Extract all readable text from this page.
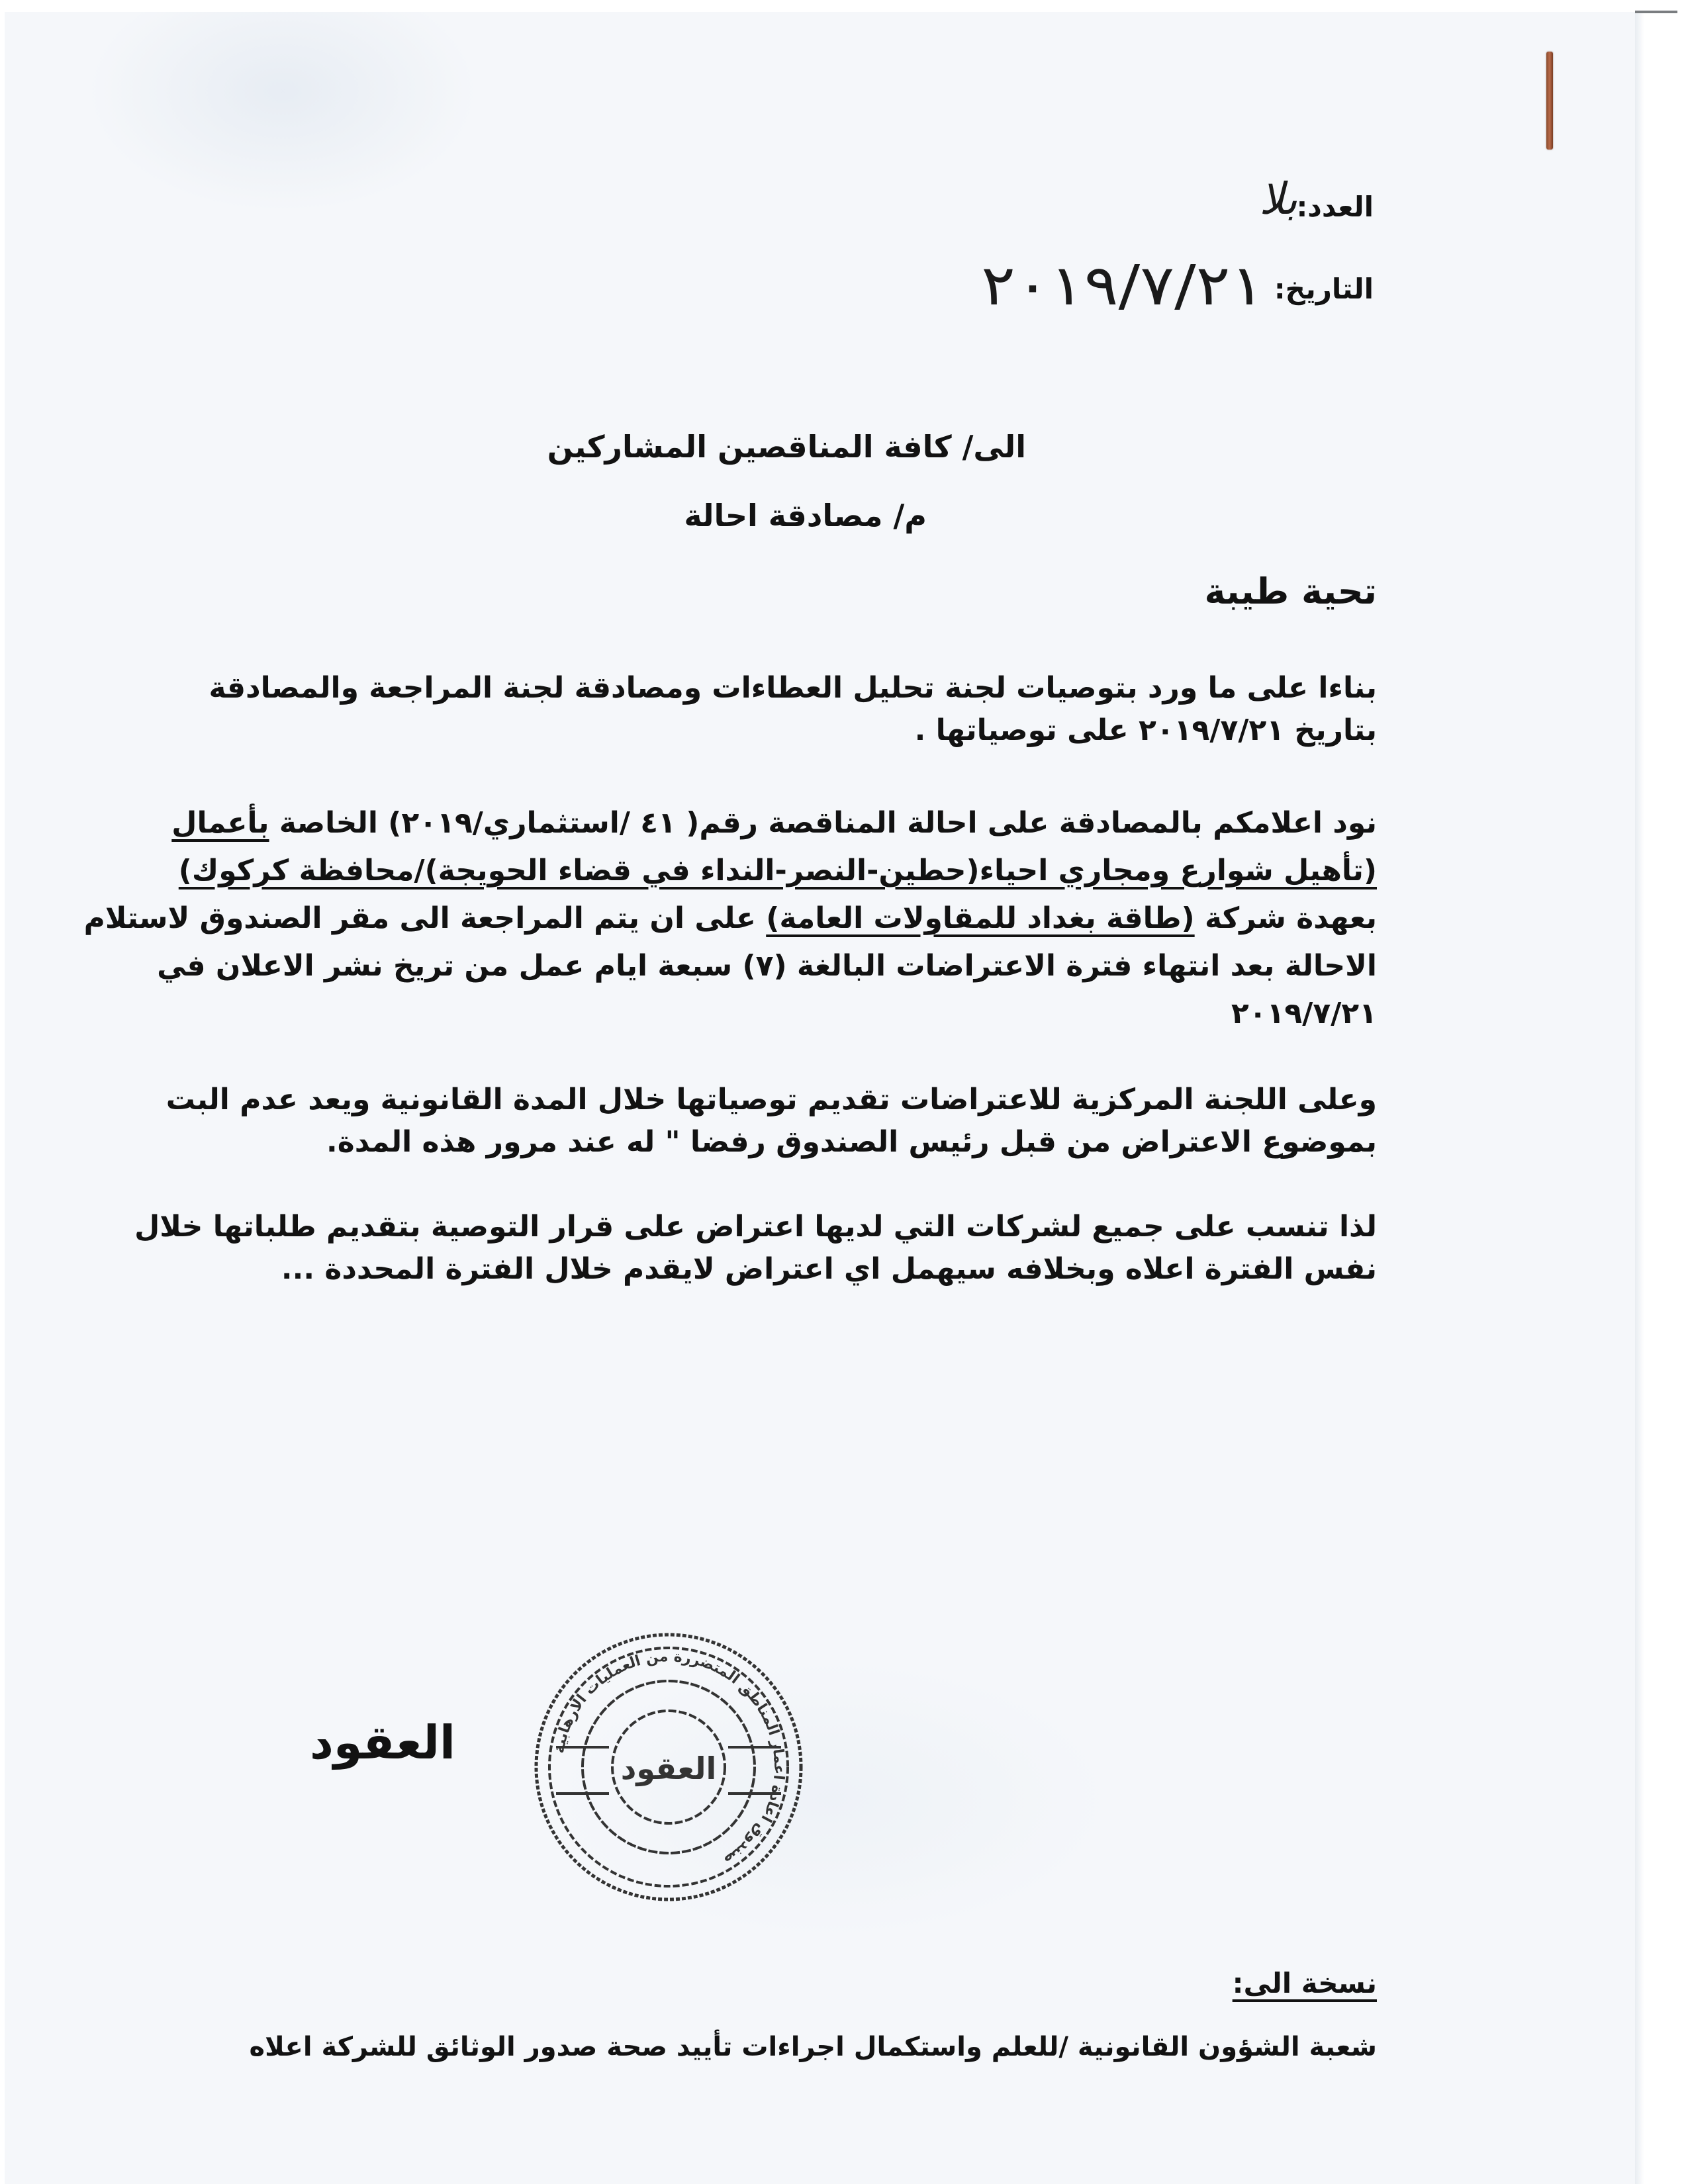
العدد:
بلا
التاريخ:
٢٠١٩/٧/٢١
الى/ كافة المناقصين المشاركين
م/ مصادقة احالة
تحية طيبة
بناءا على ما ورد بتوصيات لجنة تحليل العطاءات ومصادقة لجنة المراجعة والمصادقة
بتاريخ ٢٠١٩/٧/٢١ على توصياتها .
نود اعلامكم بالمصادقة على احالة المناقصة رقم( ٤١ /استثماري/٢٠١٩) الخاصة بأعمال
(تأهيل شوارع ومجاري احياء(حطين-النصر-النداء في قضاء الحويجة)/محافظة كركوك)
بعهدة شركة (طاقة بغداد للمقاولات العامة) على ان يتم المراجعة الى مقر الصندوق لاستلام
الاحالة بعد انتهاء فترة الاعتراضات البالغة (٧) سبعة ايام عمل من تريخ نشر الاعلان في
٢٠١٩/٧/٢١
وعلى اللجنة المركزية للاعتراضات تقديم توصياتها خلال المدة القانونية ويعد عدم البت
بموضوع الاعتراض من قبل رئيس الصندوق رفضا " له عند مرور هذه المدة.
لذا تنسب على جميع لشركات التي لديها اعتراض على قرار التوصية بتقديم طلباتها خلال
نفس الفترة اعلاه وبخلافه سيهمل اي اعتراض لايقدم خلال الفترة المحددة ...
العقود	صندوق اعادة اعمار المناطق المتضررة من العمليات الارهابية
العقود
نسخة الى:
شعبة الشؤون القانونية /للعلم واستكمال اجراءات تأييد صحة صدور الوثائق للشركة اعلاه
